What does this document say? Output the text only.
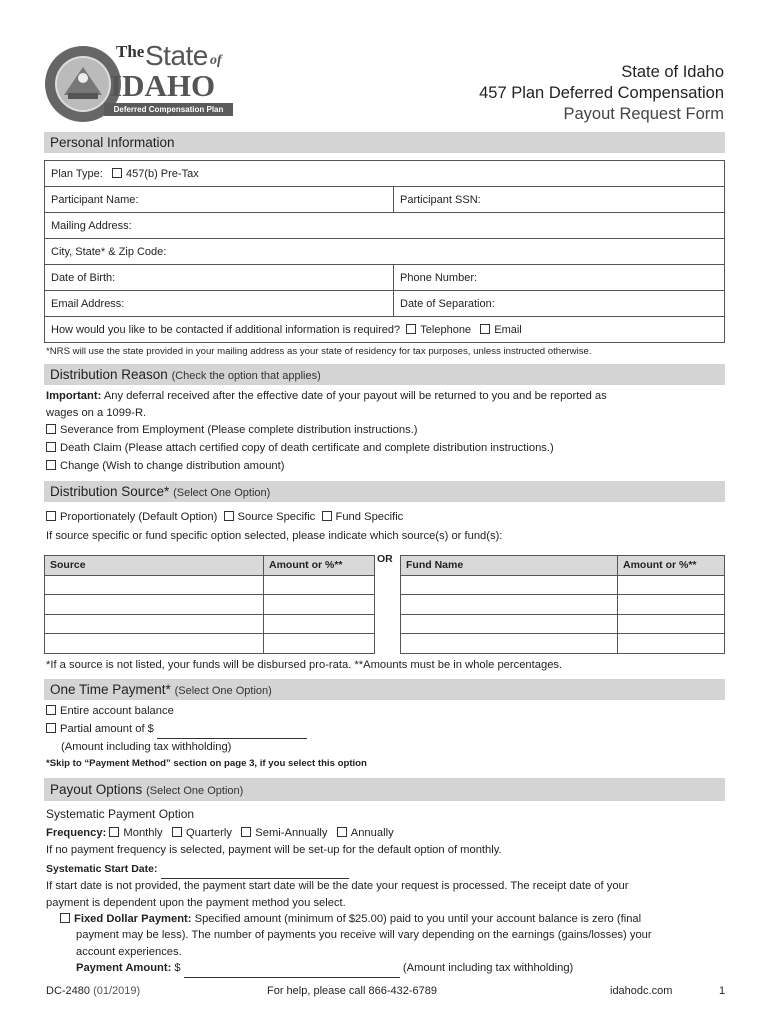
The State of
IDAHO
Deferred Compensation Plan
State of Idaho
457 Plan Deferred Compensation
Payout Request Form
Personal Information
Plan Type: 457(b) Pre-Tax	
Participant Name:	Participant SSN:
Mailing Address:	
City, State* & Zip Code:	
Date of Birth:	Phone Number:
Email Address:	Date of Separation:
How would you like to be contacted if additional information is required? Telephone Email	
*NRS will use the state provided in your mailing address as your state of residency for tax purposes, unless instructed otherwise.
Distribution Reason (Check the option that applies)
Important: Any deferral received after the effective date of your payout will be returned to you and be reported as
wages on a 1099-R.
Severance from Employment (Please complete distribution instructions.)
Death Claim (Please attach certified copy of death certificate and complete distribution instructions.)
Change (Wish to change distribution amount)
Distribution Source* (Select One Option)
Proportionately (Default Option) Source Specific Fund Specific
If source specific or fund specific option selected, please indicate which source(s) or fund(s):
Source	Amount or %**

OR
Fund Name	Amount or %**

*If a source is not listed, your funds will be disbursed pro-rata. **Amounts must be in whole percentages.
One Time Payment* (Select One Option)
Entire account balance
Partial amount of $
(Amount including tax withholding)
*Skip to “Payment Method” section on page 3, if you select this option
Payout Options (Select One Option)
Systematic Payment Option
Frequency: Monthly Quarterly Semi-Annually Annually
If no payment frequency is selected, payment will be set-up for the default option of monthly.
Systematic Start Date:
If start date is not provided, the payment start date will be the date your request is processed. The receipt date of your
payment is dependent upon the payment method you select.
Fixed Dollar Payment: Specified amount (minimum of $25.00) paid to you until your account balance is zero (final
payment may be less). The number of payments you receive will vary depending on the earnings (gains/losses) your
account experiences.
Payment Amount: $	(Amount including tax withholding)
DC-2480 (01/2019)	For help, please call 866-432-6789	idahodc.com	1
